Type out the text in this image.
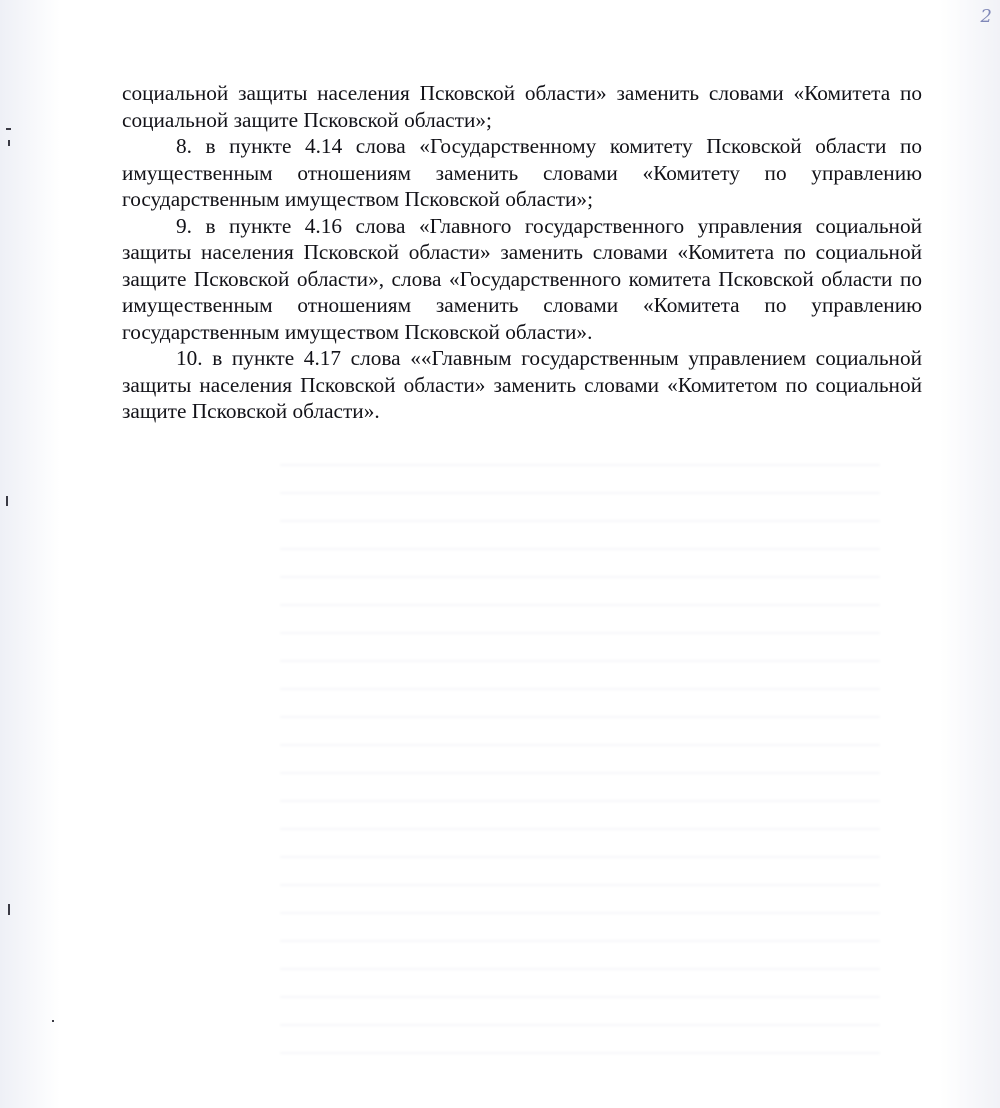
2

социальной защиты населения Псковской области» заменить словами «Комитета по социальной защите Псковской области»;

8. в пункте 4.14 слова «Государственному комитету Псковской области по имущественным отношениям заменить словами «Комитету по управлению государственным имуществом Псковской области»;

9. в пункте 4.16 слова «Главного государственного управления социальной защиты населения Псковской области» заменить словами «Комитета по социальной защите Псковской области», слова «Государственного комитета Псковской области по имущественным отношениям заменить словами «Комитета по управлению государственным имуществом Псковской области».

10. в пункте 4.17 слова ««Главным государственным управлением социальной защиты населения Псковской области» заменить словами «Комитетом по социальной защите Псковской области».
